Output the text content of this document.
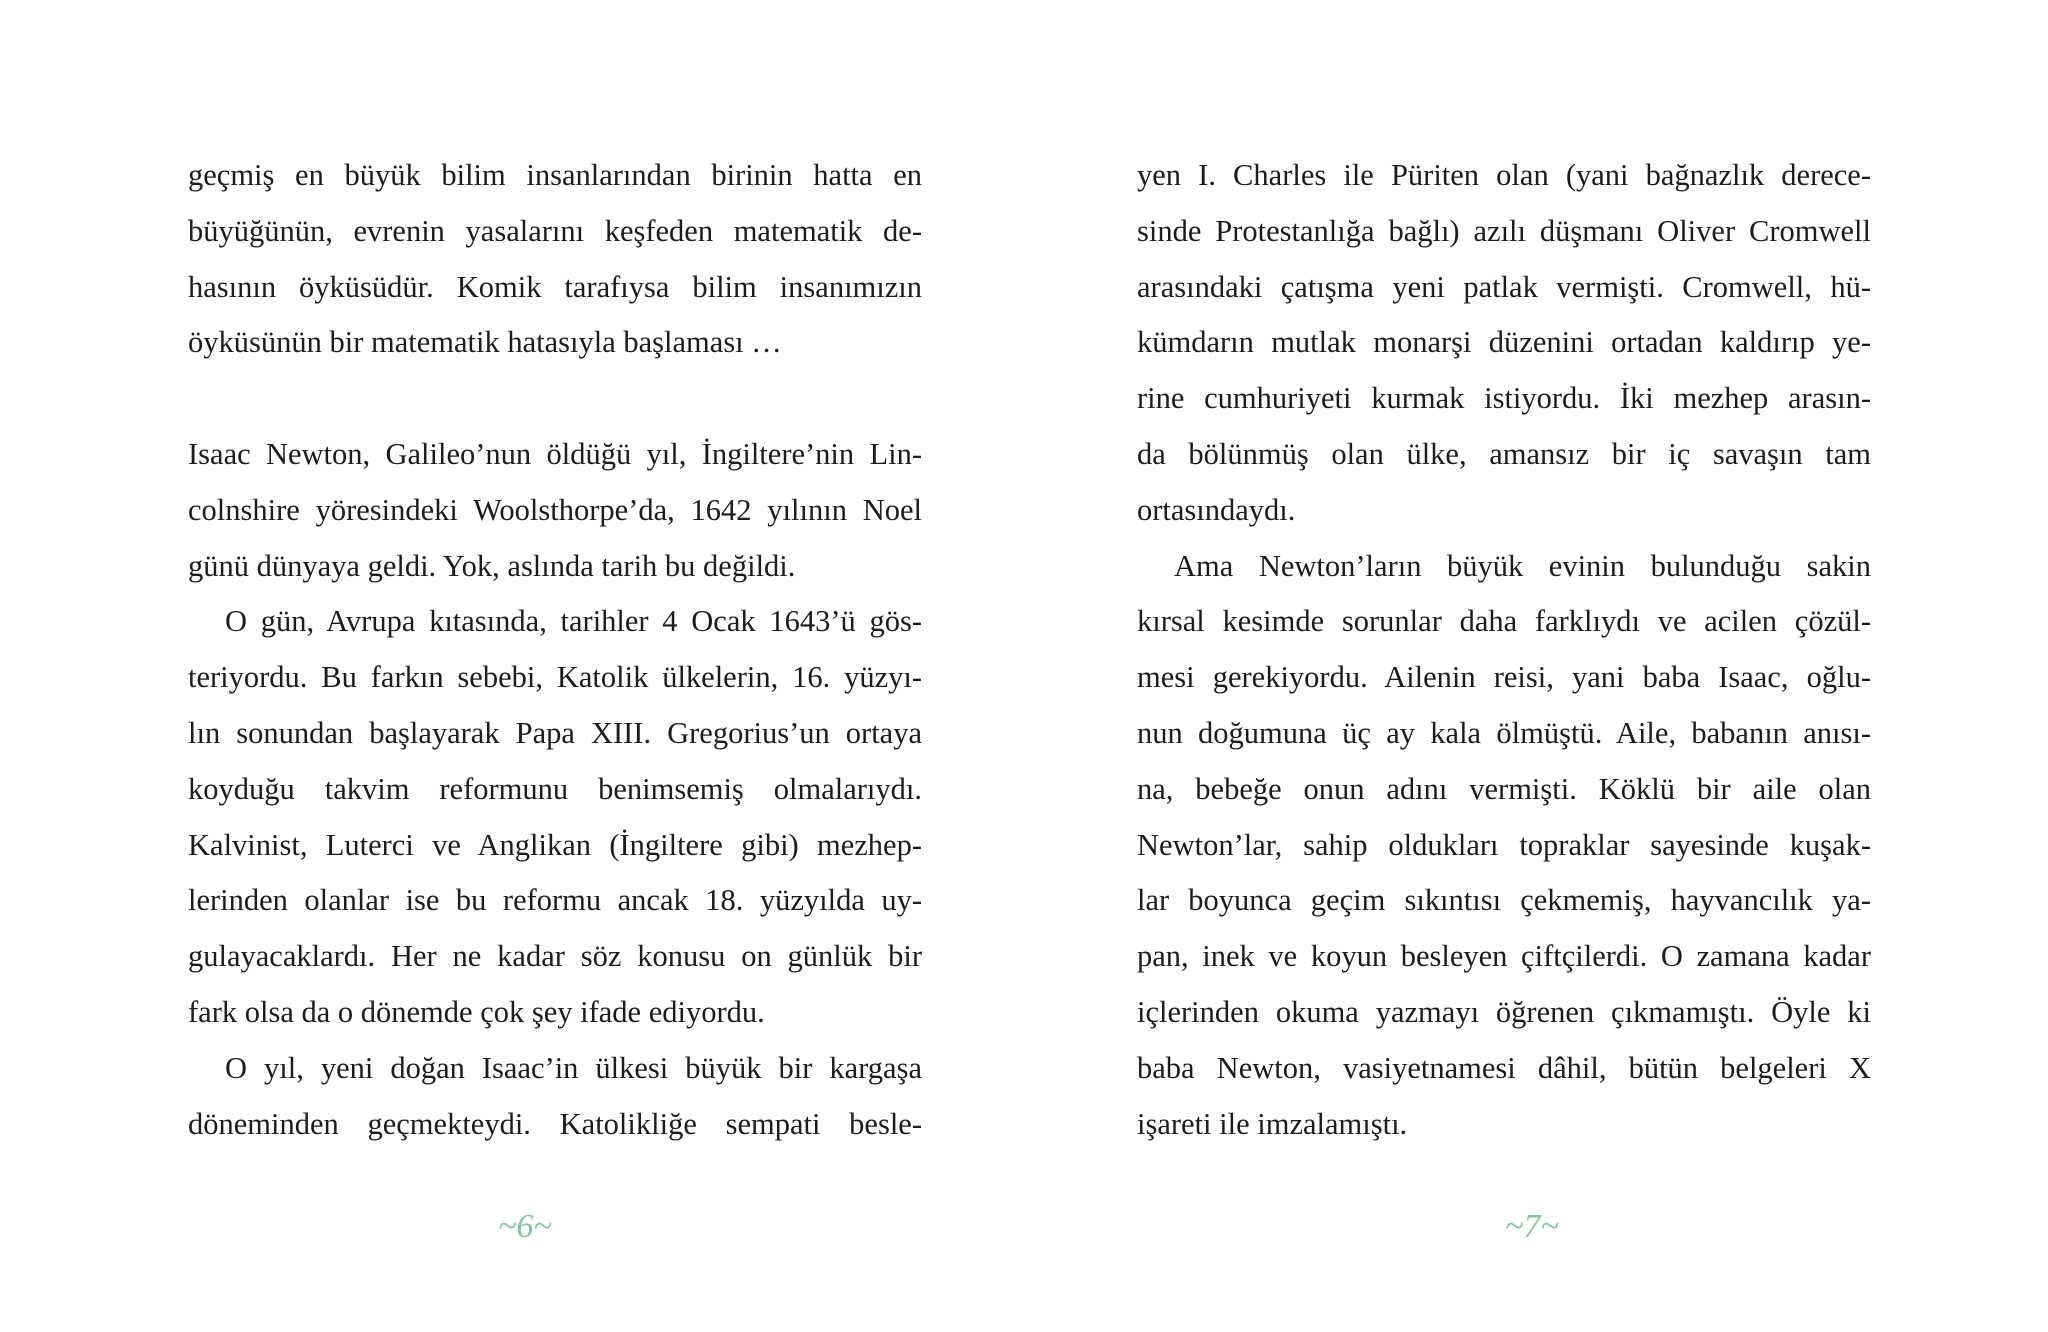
geçmiş en büyük bilim insanlarından birinin hatta en
büyüğünün, evrenin yasalarını keşfeden matematik de-
hasının öyküsüdür. Komik tarafıysa bilim insanımızın
öyküsünün bir matematik hatasıyla başlaması …
Isaac Newton, Galileo’nun öldüğü yıl, İngiltere’nin Lin-
colnshire yöresindeki Woolsthorpe’da, 1642 yılının Noel
günü dünyaya geldi. Yok, aslında tarih bu değildi.
O gün, Avrupa kıtasında, tarihler 4 Ocak 1643’ü gös-
teriyordu. Bu farkın sebebi, Katolik ülkelerin, 16. yüzyı-
lın sonundan başlayarak Papa XIII. Gregorius’un ortaya
koyduğu takvim reformunu benimsemiş olmalarıydı.
Kalvinist, Luterci ve Anglikan (İngiltere gibi) mezhep-
lerinden olanlar ise bu reformu ancak 18. yüzyılda uy-
gulayacaklardı. Her ne kadar söz konusu on günlük bir
fark olsa da o dönemde çok şey ifade ediyordu.
O yıl, yeni doğan Isaac’in ülkesi büyük bir kargaşa
döneminden geçmekteydi. Katolikliğe sempati besle-
yen I. Charles ile Püriten olan (yani bağnazlık derece-
sinde Protestanlığa bağlı) azılı düşmanı Oliver Cromwell
arasındaki çatışma yeni patlak vermişti. Cromwell, hü-
kümdarın mutlak monarşi düzenini ortadan kaldırıp ye-
rine cumhuriyeti kurmak istiyordu. İki mezhep arasın-
da bölünmüş olan ülke, amansız bir iç savaşın tam
ortasındaydı.
Ama Newton’ların büyük evinin bulunduğu sakin
kırsal kesimde sorunlar daha farklıydı ve acilen çözül-
mesi gerekiyordu. Ailenin reisi, yani baba Isaac, oğlu-
nun doğumuna üç ay kala ölmüştü. Aile, babanın anısı-
na, bebeğe onun adını vermişti. Köklü bir aile olan
Newton’lar, sahip oldukları topraklar sayesinde kuşak-
lar boyunca geçim sıkıntısı çekmemiş, hayvancılık ya-
pan, inek ve koyun besleyen çiftçilerdi. O zamana kadar
içlerinden okuma yazmayı öğrenen çıkmamıştı. Öyle ki
baba Newton, vasiyetnamesi dâhil, bütün belgeleri X
işareti ile imzalamıştı.
~6~	~7~
